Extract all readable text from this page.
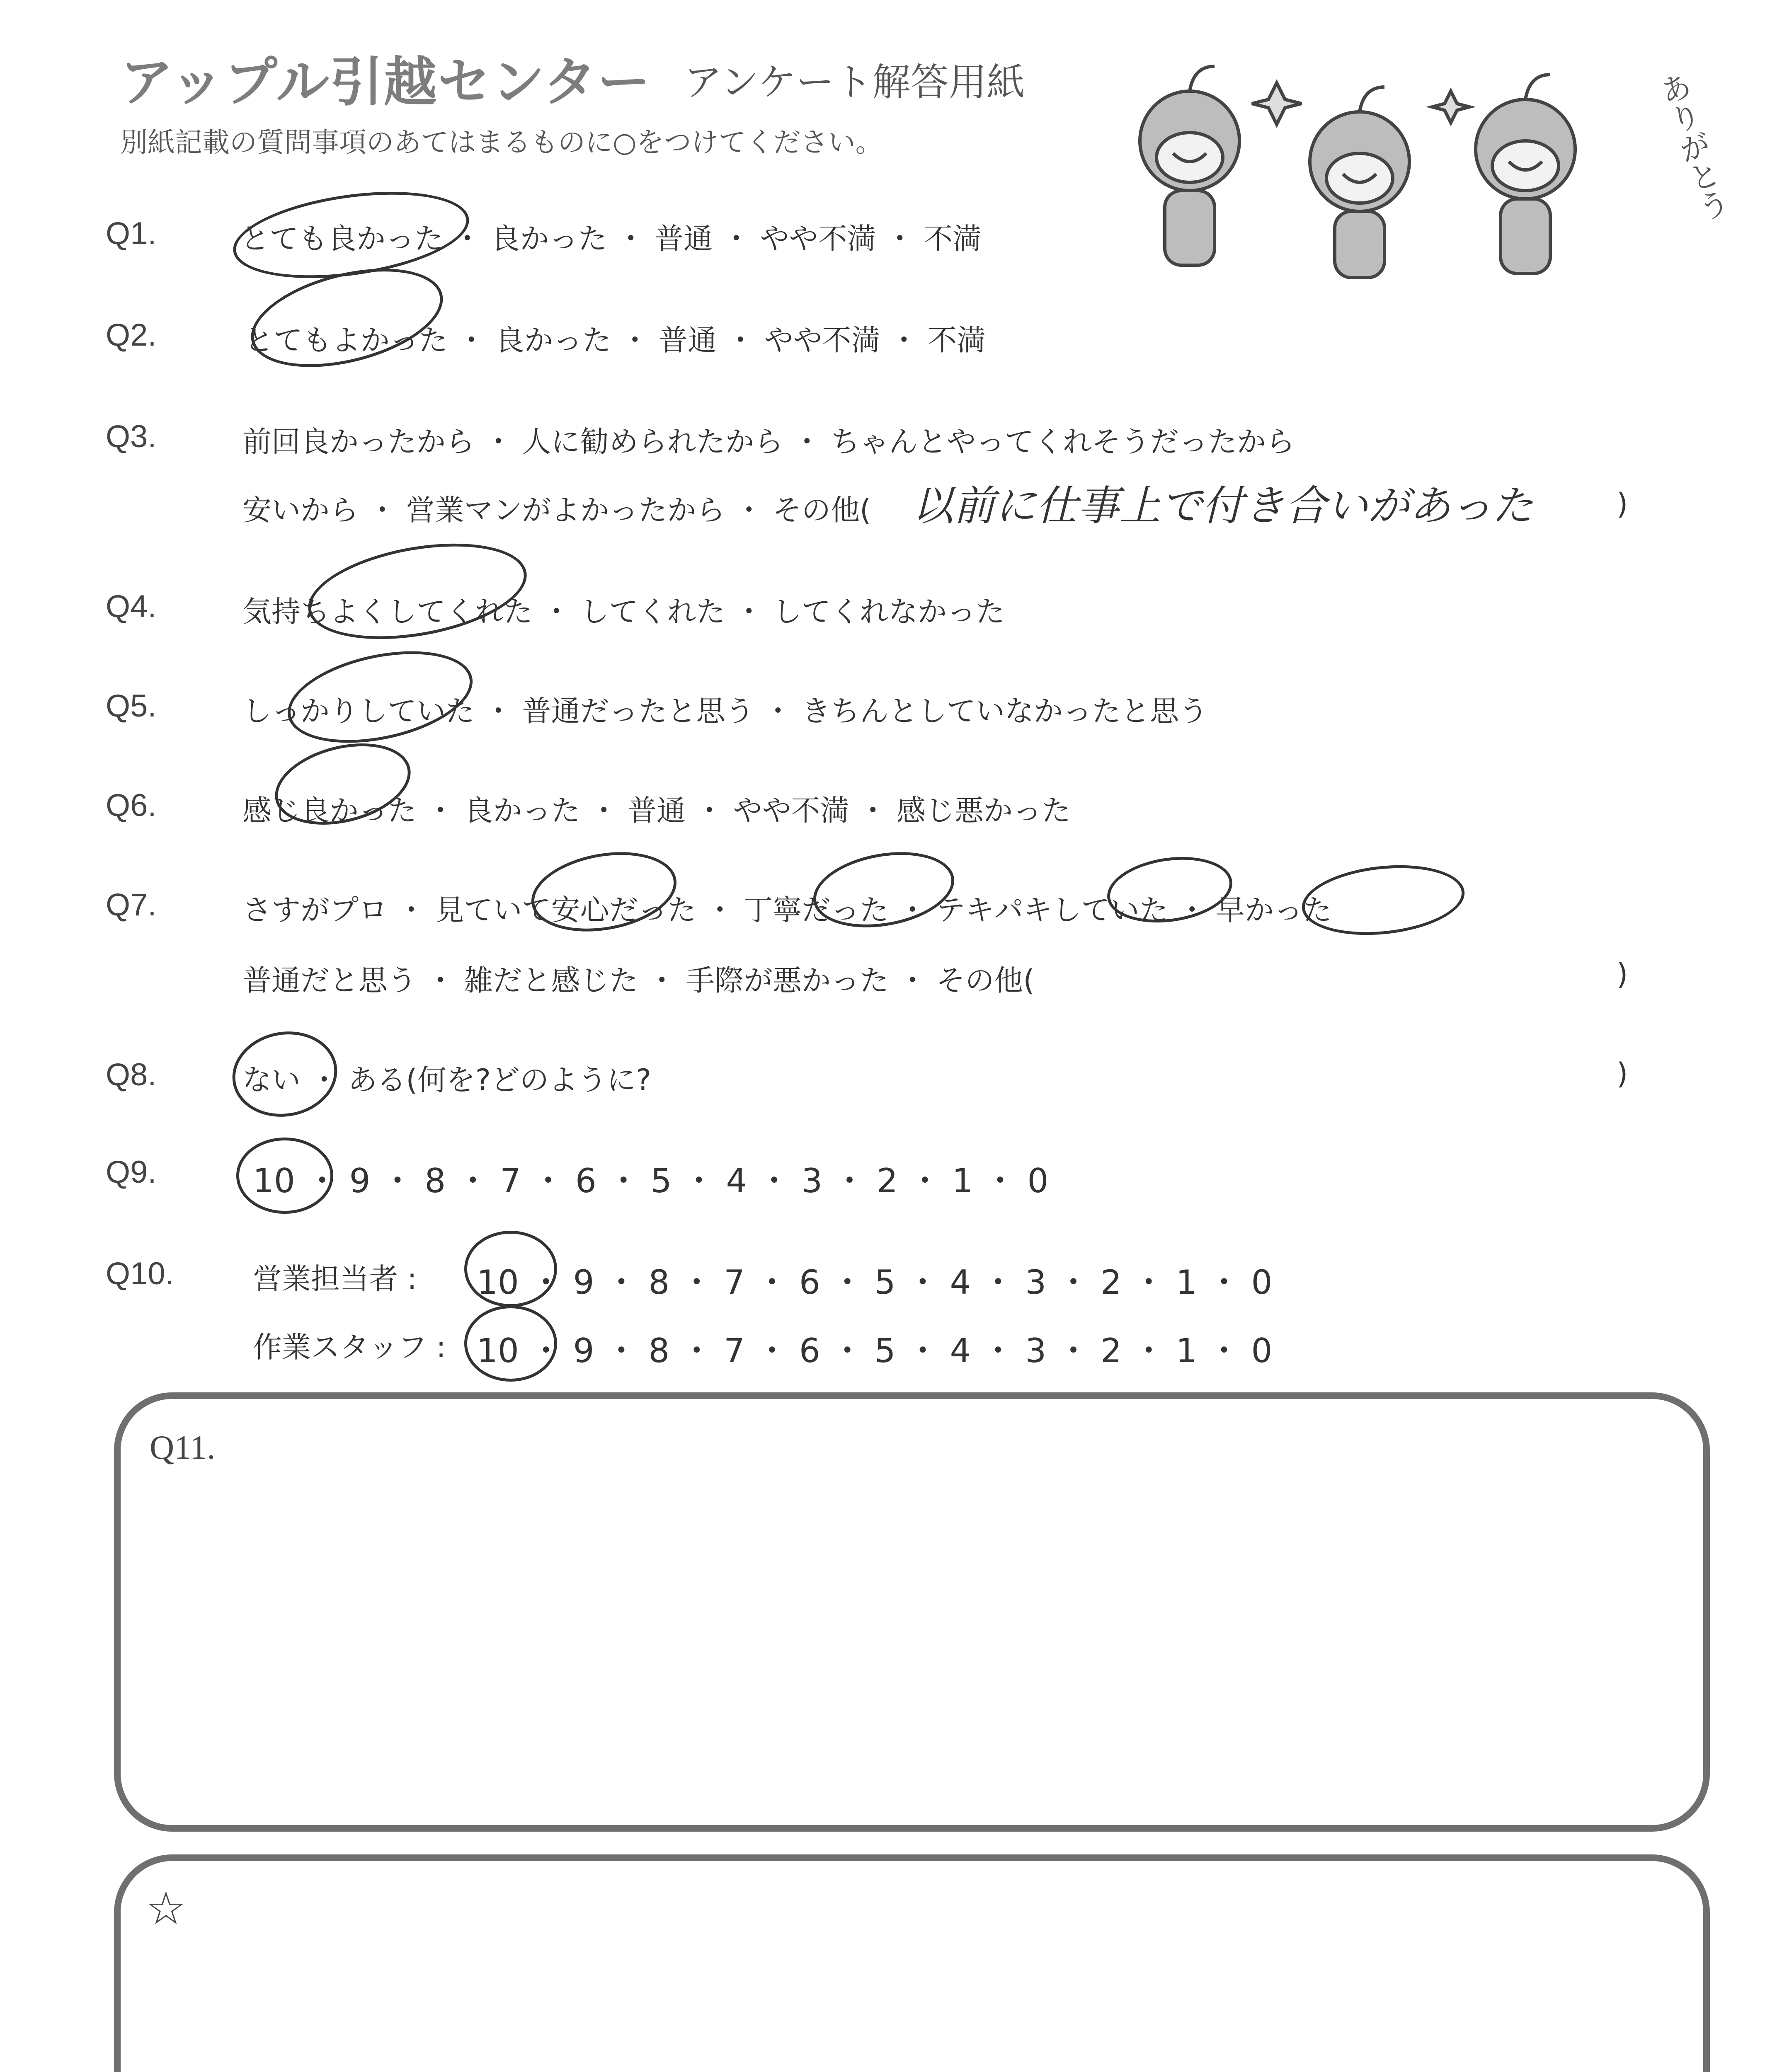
アップル引越センター アンケート解答用紙
別紙記載の質問事項のあてはまるものに○をつけてください。	ありがとう
Q1.	とても良かった ・ 良かった ・ 普通 ・ やや不満 ・ 不満
Q2.	とてもよかった ・ 良かった ・ 普通 ・ やや不満 ・ 不満
Q3.	前回良かったから ・ 人に勧められたから ・ ちゃんとやってくれそうだったから
安いから ・ 営業マンがよかったから ・ その他( 以前に仕事上で付き合いがあった	)
Q4.	気持ちよくしてくれた ・ してくれた ・ してくれなかった
Q5.	しっかりしていた ・ 普通だったと思う ・ きちんとしていなかったと思う
Q6.	感じ良かった ・ 良かった ・ 普通 ・ やや不満 ・ 感じ悪かった
Q7.	さすがプロ ・ 見ていて安心だった ・ 丁寧だった ・ テキパキしていた ・ 早かった
普通だと思う ・ 雑だと感じた ・ 手際が悪かった ・ その他(	)
Q8.	ない ・ ある(何を?どのように?	)
Q9.	10 ・ 9 ・ 8 ・ 7 ・ 6 ・ 5 ・ 4 ・ 3 ・ 2 ・ 1 ・ 0
Q10.	営業担当者 : 10 ・ 9 ・ 8 ・ 7 ・ 6 ・ 5 ・ 4 ・ 3 ・ 2 ・ 1 ・ 0
作業スタッフ : 10 ・ 9 ・ 8 ・ 7 ・ 6 ・ 5 ・ 4 ・ 3 ・ 2 ・ 1 ・ 0
Q11.
☆
